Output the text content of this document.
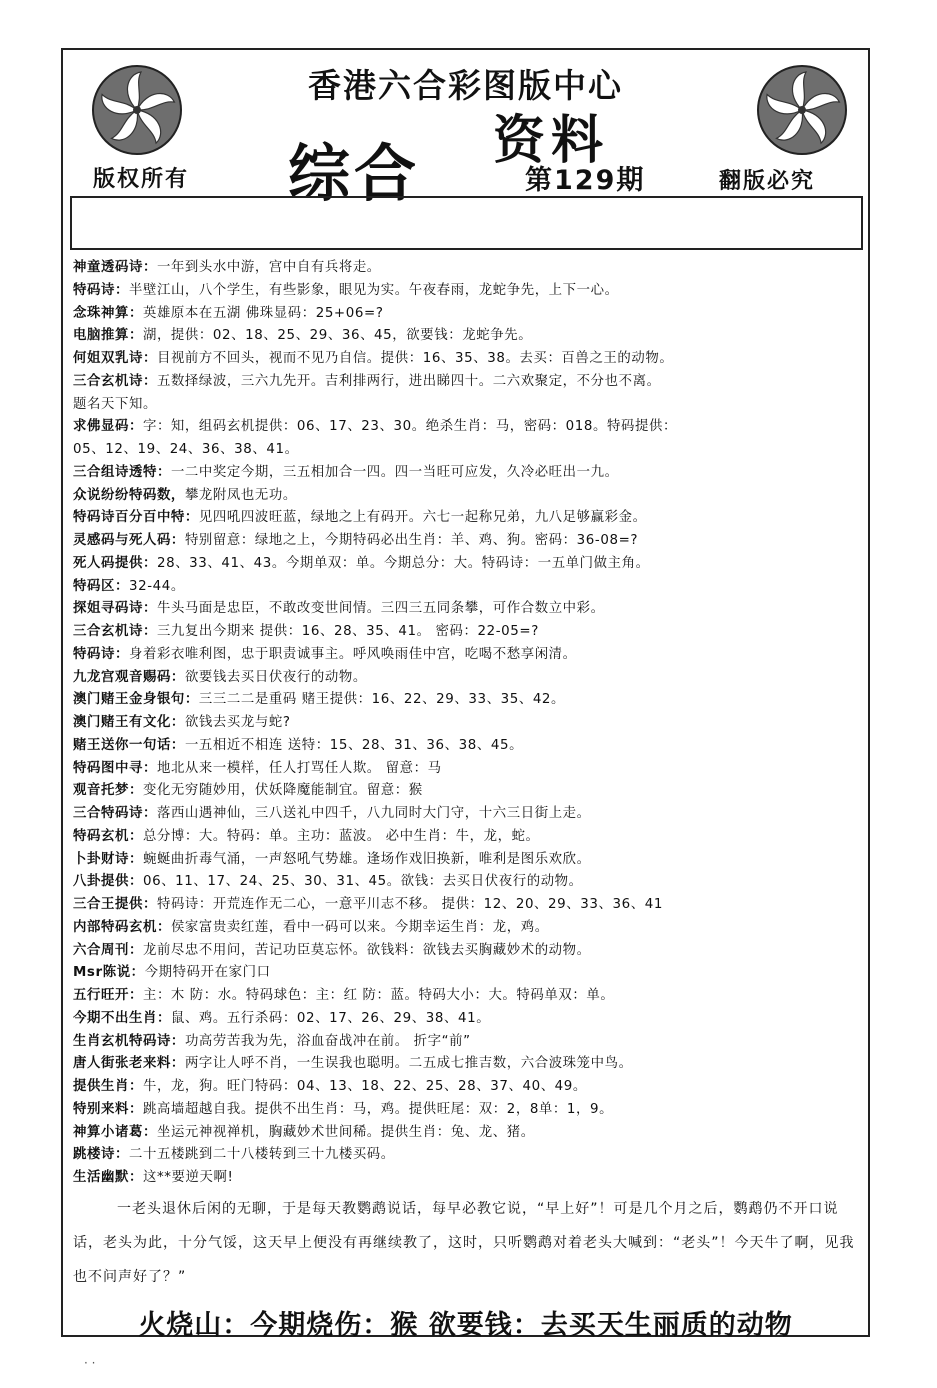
香港六合彩图版中心
资料
综合	第129期
版权所有	翻版必究
神童透码诗：一年到头水中游，宫中自有兵将走。
特码诗：半壁江山，八个学生，有些影象，眼见为实。午夜春雨，龙蛇争先，上下一心。
念珠神算：英雄原本在五湖 佛珠显码：25+06=?
电脑推算：湖，提供：02、18、25、29、36、45，欲要钱：龙蛇争先。
何姐双乳诗：目视前方不回头，视而不见乃自信。提供：16、35、38。去买：百兽之王的动物。
三合玄机诗：五数择绿波，三六九先开。吉利排两行，进出睇四十。二六欢聚定，不分也不离。
题名天下知。
求佛显码：字：知，组码玄机提供：06、17、23、30。绝杀生肖：马，密码：018。特码提供：
05、12、19、24、36、38、41。
三合组诗透特：一二中奖定今期，三五相加合一四。四一当旺可应发，久冷必旺出一九。
众说纷纷特码数，攀龙附凤也无功。
特码诗百分百中特：见四吼四波旺蓝，绿地之上有码开。六七一起称兄弟，九八足够赢彩金。
灵感码与死人码：特别留意：绿地之上，今期特码必出生肖：羊、鸡、狗。密码：36-08=?
死人码提供：28、33、41、43。今期单双：单。今期总分：大。特码诗：一五单门做主角。
特码区：32-44。
探姐寻码诗：牛头马面是忠臣，不敢改变世间情。三四三五同条攀，可作合数立中彩。
三合玄机诗：三九复出今期来 提供：16、28、35、41。 密码：22-05=?
特码诗：身着彩衣唯利图，忠于职责诚事主。呼风唤雨佳中宫，吃喝不愁享闲清。
九龙宫观音赐码：欲要钱去买日伏夜行的动物。
澳门赌王金身银句：三三二二是重码 赌王提供：16、22、29、33、35、42。
澳门赌王有文化：欲钱去买龙与蛇?
赌王送你一句话：一五相近不相连 送特：15、28、31、36、38、45。
特码图中寻：地北从来一模样，任人打骂任人欺。 留意：马
观音托梦：变化无穷随妙用，伏妖降魔能制宜。留意：猴
三合特码诗：落西山遇神仙，三八送礼中四千，八九同时大门守，十六三日街上走。
特码玄机：总分博：大。特码：单。主功：蓝波。 必中生肖：牛，龙，蛇。
卜卦财诗：蜿蜒曲折毒气涌，一声怒吼气势雄。逢场作戏旧换新，唯利是图乐欢欣。
八卦提供：06、11、17、24、25、30、31、45。欲钱：去买日伏夜行的动物。
三合王提供：特码诗：开荒连作无二心，一意平川志不移。 提供：12、20、29、33、36、41
内部特码玄机：侯家富贵卖红莲，看中一码可以来。今期幸运生肖：龙，鸡。
六合周刊：龙前尽忠不用问，苦记功臣莫忘怀。欲钱料：欲钱去买胸藏妙术的动物。
Msr陈说：今期特码开在家门口
五行旺开：主：木 防：水。特码球色：主：红 防：蓝。特码大小：大。特码单双：单。
今期不出生肖：鼠、鸡。五行杀码：02、17、26、29、38、41。
生肖玄机特码诗：功高劳苦我为先，浴血奋战冲在前。 折字“前”
唐人街张老来料：两字让人呼不肖，一生误我也聪明。二五成七推吉数，六合波珠笼中鸟。
提供生肖：牛，龙，狗。旺门特码：04、13、18、22、25、28、37、40、49。
特别来料：跳高墙超越自我。提供不出生肖：马，鸡。提供旺尾：双：2，8单：1，9。
神算小诸葛：坐运元神视禅机，胸藏妙术世间稀。提供生肖：兔、龙、猪。
跳楼诗：二十五楼跳到二十八楼转到三十九楼买码。
生活幽默：这**要逆天啊!

一老头退休后闲的无聊，于是每天教鹦鹉说话，每早必教它说，“早上好”！可是几个月之后，鹦鹉仍不开口说话，老头为此，十分气馁，这天早上便没有再继续教了，这时，只听鹦鹉对着老头大喊到：“老头”！今天牛了啊，见我也不问声好了？”

火烧山：今期烧伤：猴 欲要钱：去买天生丽质的动物
· ·
